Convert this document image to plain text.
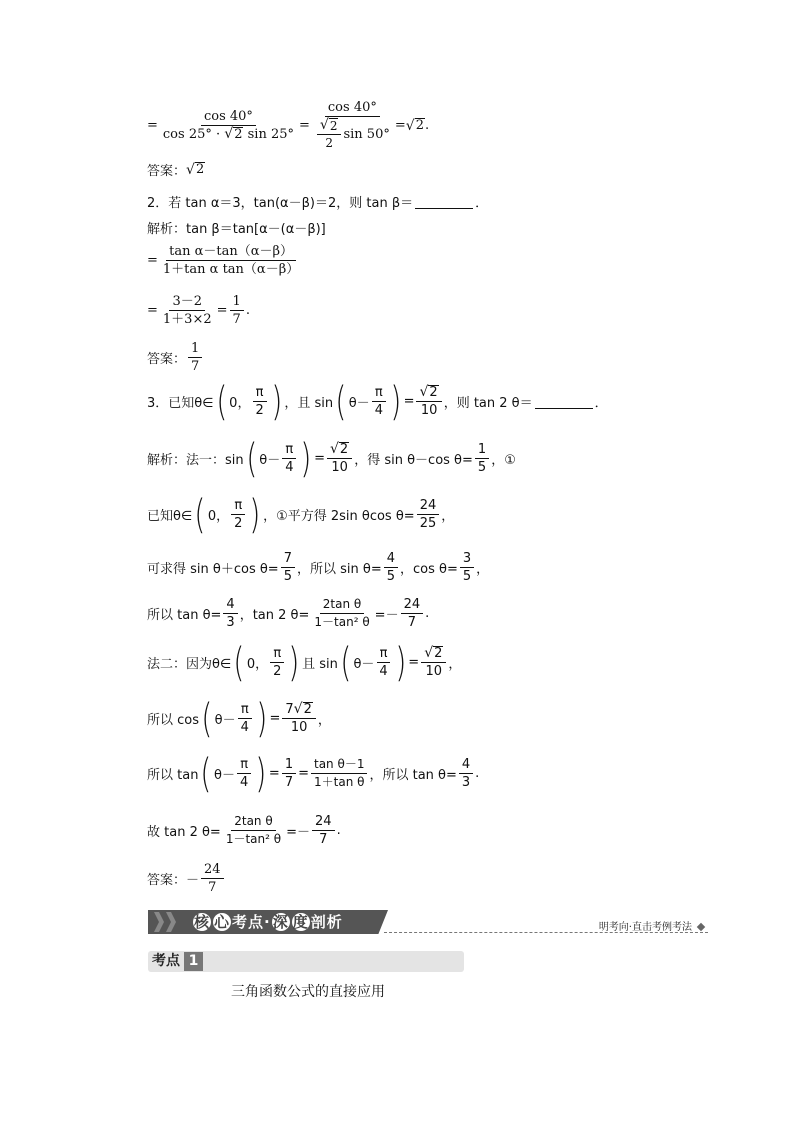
= $\frac{\cos 40^\circ}{\cos 25^\circ \cdot √ 2 \sin 25^\circ} = \frac{\cos 40^\circ}{\frac{√ 2}{2} \sin 50^\circ}$ = √ 2 .
答案： √ 2
2．若 tan α＝3，tan(α－β)＝2，则 tan β＝	．
解析：tan β＝tan[α－(α－β)]
= $\frac{\text{tan α－tan（α－β）}}{\text{1＋tan α tan（α－β）}}$
= $\frac{3-2}{1+3\times 2} = \frac{1}{7}$ .
答案： $\frac{1}{7}$
3．已知θ∈ ( 0， $\frac{\pi}{2}$ ) ，且 sin ( $\theta- \frac{\pi}{4}$ ) = $\frac{√ 2}{10}$ ，则 tan 2 θ＝	．
解析：法一：sin ( $\theta- \frac{\pi}{4}$ ) = $\frac{√ 2}{10}$ ，得 sin θ－cos $\theta= \frac{1}{5}$ ，①
已知θ∈ ( 0， $\frac{\pi}{2}$ ) ，①平方得 2sin θcos $\theta= \frac{24}{25}$ ，
可求得 sin θ＋cos $\theta= \frac{7}{5}$ ，所以 $\sin \theta= \frac{4}{5}$ ，$\cos \theta= \frac{3}{5}$ ，
所以 $\tan \theta= \frac{4}{3}$ ，tan 2 $\theta= \frac{\text{2tan θ}}{\text{1－tan² θ}} =- \frac{24}{7}$ .
法二：因为θ∈ ( 0， $\frac{\pi}{2}$ ) 且 sin ( $\theta- \frac{\pi}{4}$ ) = $\frac{√ 2}{10}$ ，
所以 cos ( $\theta- \frac{\pi}{4}$ ) = $\frac{7 √ 2}{10}$ ，
所以 tan ( $\theta- \frac{\pi}{4}$ ) = $\frac{1}{7} = \frac{\text{tan θ－1}}{\text{1＋tan θ}}$ ，所以 $\tan \theta= \frac{4}{3}$ .
故 tan 2 $\theta= \frac{\text{2tan θ}}{\text{1－tan² θ}} =- \frac{24}{7}$ .
答案：－ $\frac{24}{7}$
核 心 考点· 深 度 剖析	明考向·直击考例考法
考点 1
三角函数公式的直接应用
